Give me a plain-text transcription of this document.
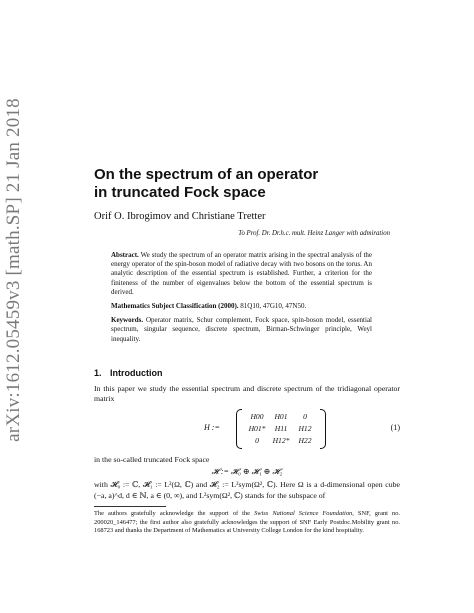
arXiv:1612.05459v3 [math.SP] 21 Jan 2018	On the spectrum of an operator
in truncated Fock space
Orif O. Ibrogimov and Christiane Tretter
To Prof. Dr. Dr.h.c. mult. Heinz Langer with admiration

Abstract. We study the spectrum of an operator matrix arising in the spectral analysis of the energy operator of the spin-boson model of radiative decay with two bosons on the torus. An analytic description of the essential spectrum is established. Further, a criterion for the finiteness of the number of eigenvalues below the bottom of the essential spectrum is derived.

Mathematics Subject Classification (2000). 81Q10, 47G10, 47N50.

Keywords. Operator matrix, Schur complement, Fock space, spin-boson model, essential spectrum, singular sequence, discrete spectrum, Birman-Schwinger principle, Weyl inequality.

1. Introduction

In this paper we study the essential spectrum and discrete spectrum of the tridiagonal operator matrix

H :=
H00	H01	0
H01*	H11	H12
0	H12*	H22
(1)

in the so-called truncated Fock space

𝓗 := 𝓗₀ ⊕ 𝓗₁ ⊕ 𝓗₂

with 𝓗₀ := ℂ, 𝓗₁ := L²(Ω, ℂ) and 𝓗₂ := L²sym(Ω², ℂ). Here Ω is a d-dimensional open cube (−a, a)^d, d ∈ ℕ, a ∈ (0, ∞), and L²sym(Ω², ℂ) stands for the subspace of

The authors gratefully acknowledge the support of the Swiss National Science Foundation, SNF, grant no. 200020_146477; the first author also gratefully acknowledges the support of SNF Early Postdoc.Mobility grant no. 168723 and thanks the Department of Mathematics at University College London for the kind hospitality.
